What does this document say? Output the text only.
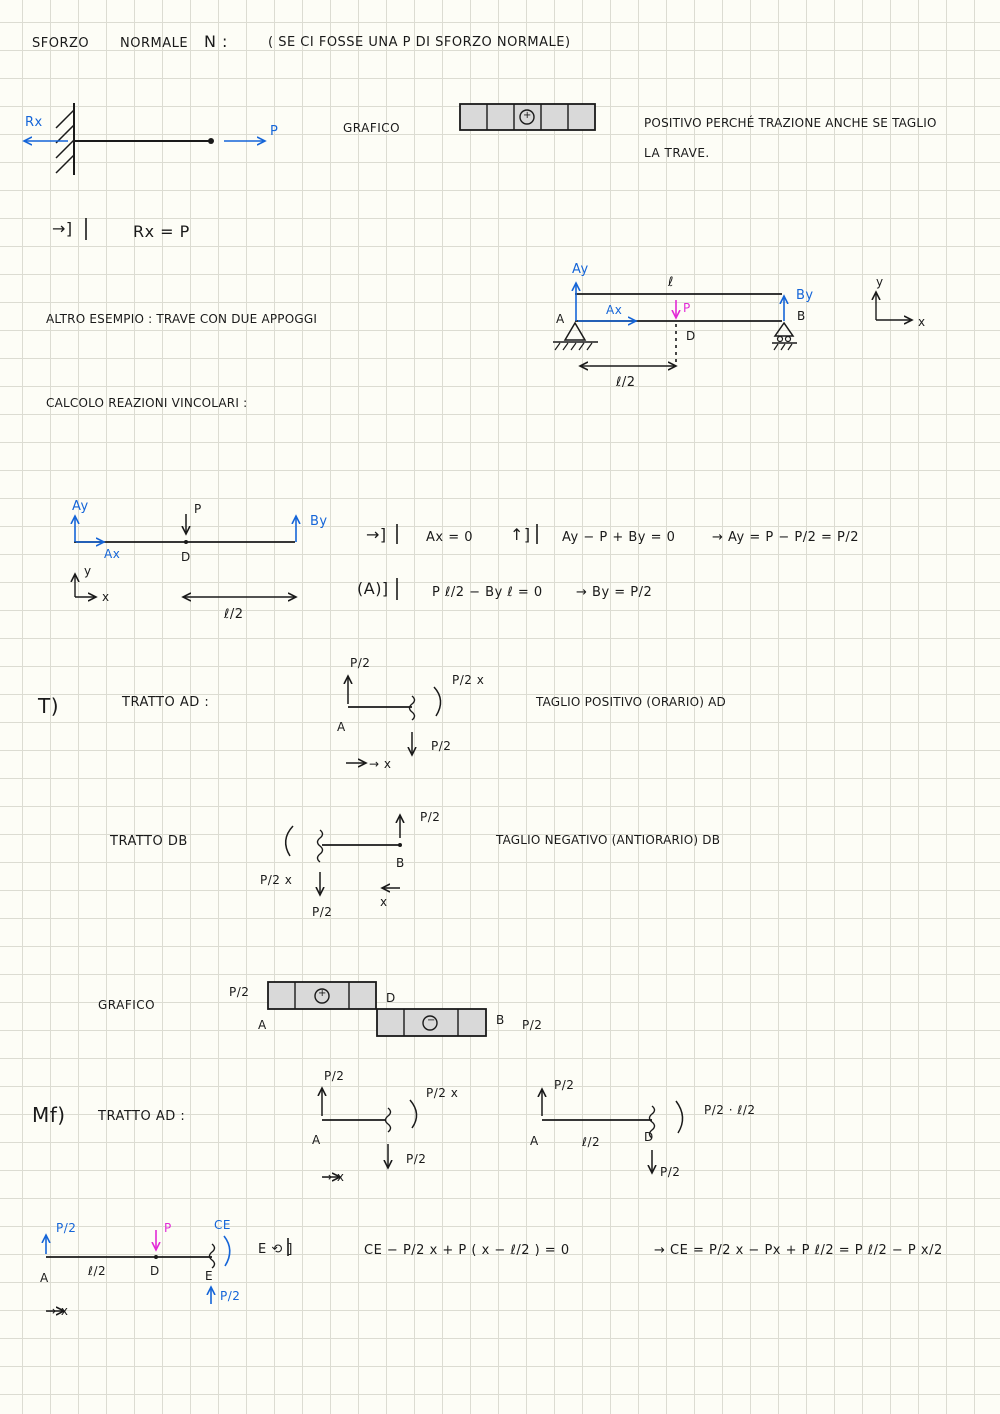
SFORZO NORMALE N :	( SE CI FOSSE UNA P DI SFORZO NORMALE)
Rx
P	GRAFICO
+
POSITIVO PERCHÉ TRAZIONE ANCHE SE TAGLIO
LA TRAVE.
→]	Rx = P
ALTRO ESEMPIO : TRAVE CON DUE APPOGGI
Ay
By
ℓ
P
Ax
A	B
D
ℓ/2
y
x
CALCOLO REAZIONI VINCOLARI :
Ay
By
P
Ax	D
y
x
ℓ/2
→]	Ax = 0 ↑] Ay − P + By = 0	→ Ay = P − P/2 = P/2
(A)]	P ℓ/2 − By ℓ = 0	→ By = P/2
T)	TRATTO AD :
P/2
P/2 x
A
P/2
→ x
TAGLIO POSITIVO (ORARIO) AD
TRATTO DB
P/2 x
P/2
P/2
B
x
TAGLIO NEGATIVO (ANTIORARIO) DB
GRAFICO
P/2
A
D
B P/2
+
−
Mf) TRATTO AD :
P/2
P/2 x
A
P/2
→ x
P/2
A	ℓ/2	D
P/2 · ℓ/2
P/2
P/2	P	CE
A	ℓ/2	D	E
P/2
→ x
E ⟲ ]	CE − P/2 x + P ( x − ℓ/2 ) = 0	→ CE = P/2 x − Px + P ℓ/2 = P ℓ/2 − P x/2
